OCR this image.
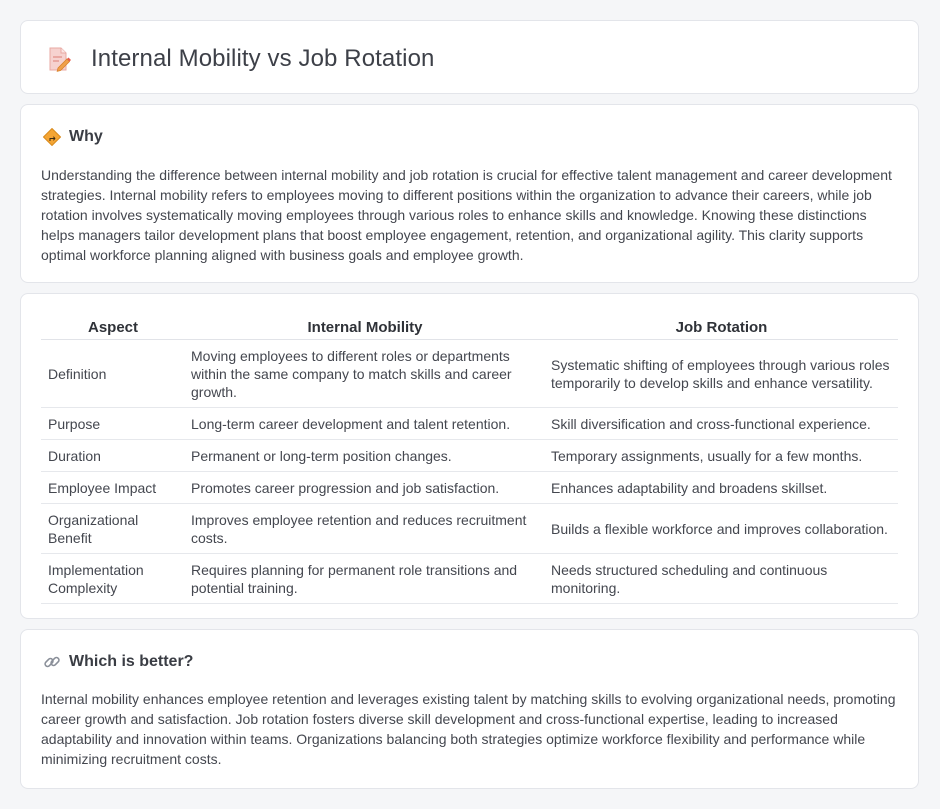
Internal Mobility vs Job Rotation
Why

Understanding the difference between internal mobility and job rotation is crucial for effective talent management and career development strategies. Internal mobility refers to employees moving to different positions within the organization to advance their careers, while job rotation involves systematically moving employees through various roles to enhance skills and knowledge. Knowing these distinctions helps managers tailor development plans that boost employee engagement, retention, and organizational agility. This clarity supports optimal workforce planning aligned with business goals and employee growth.

Aspect	Internal Mobility	Job Rotation
Definition	Moving employees to different roles or departments within the same company to match skills and career growth.	Systematic shifting of employees through various roles temporarily to develop skills and enhance versatility.
Purpose	Long-term career development and talent retention.	Skill diversification and cross-functional experience.
Duration	Permanent or long-term position changes.	Temporary assignments, usually for a few months.
Employee Impact	Promotes career progression and job satisfaction.	Enhances adaptability and broadens skillset.
Organizational Benefit	Improves employee retention and reduces recruitment costs.	Builds a flexible workforce and improves collaboration.
Implementation Complexity	Requires planning for permanent role transitions and potential training.	Needs structured scheduling and continuous monitoring.
Which is better?

Internal mobility enhances employee retention and leverages existing talent by matching skills to evolving organizational needs, promoting career growth and satisfaction. Job rotation fosters diverse skill development and cross-functional expertise, leading to increased adaptability and innovation within teams. Organizations balancing both strategies optimize workforce flexibility and performance while minimizing recruitment costs.
